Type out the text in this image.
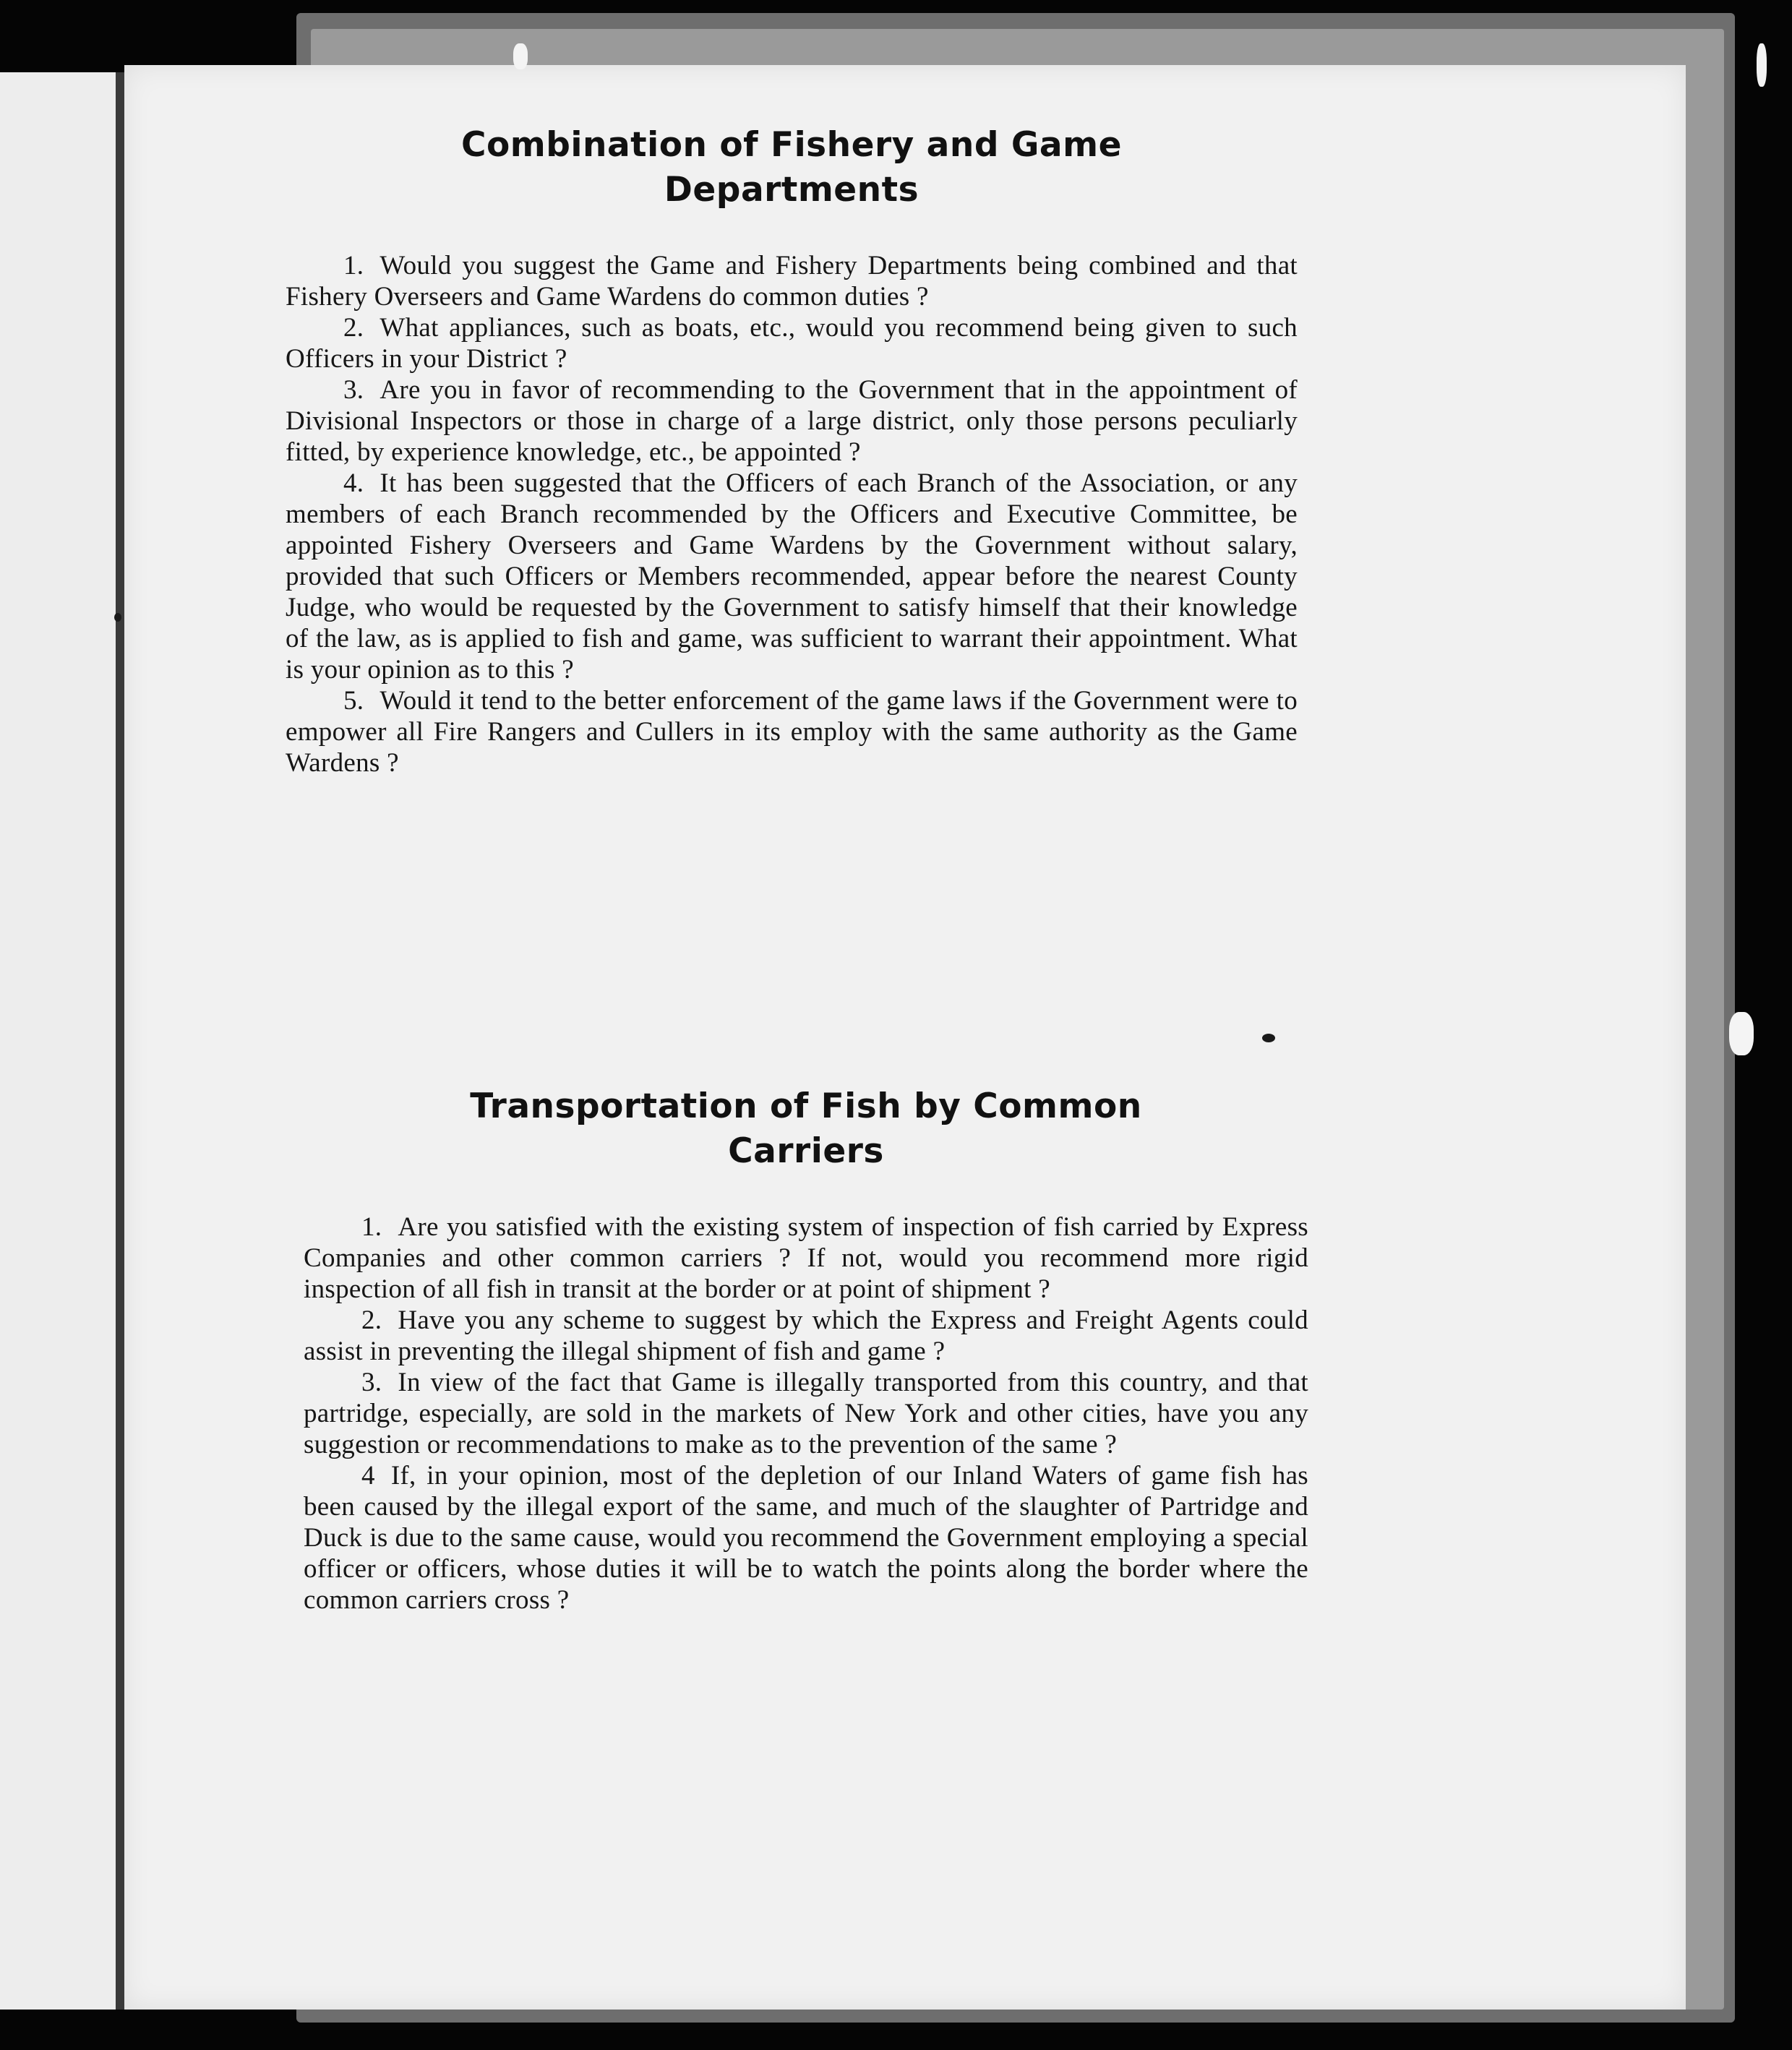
Combination of Fishery and Game
Departments

1. Would you suggest the Game and Fishery Departments being combined and that Fishery Overseers and Game Wardens do common duties ?

2. What appliances, such as boats, etc., would you recommend being given to such Officers in your District ?

3. Are you in favor of recommending to the Government that in the appointment of Divisional Inspectors or those in charge of a large district, only those persons peculiarly fitted, by experience knowledge, etc., be appointed ?

4. It has been suggested that the Officers of each Branch of the Association, or any members of each Branch recommended by the Officers and Executive Committee, be appointed Fishery Overseers and Game Wardens by the Government without salary, provided that such Officers or Members recommended, appear before the nearest County Judge, who would be requested by the Government to satisfy himself that their knowledge of the law, as is applied to fish and game, was sufficient to warrant their appointment. What is your opinion as to this ?

5. Would it tend to the better enforcement of the game laws if the Government were to empower all Fire Rangers and Cullers in its employ with the same authority as the Game Wardens ?

Transportation of Fish by Common
Carriers

1. Are you satisfied with the existing system of inspection of fish carried by Express Companies and other common carriers ? If not, would you recommend more rigid inspection of all fish in transit at the border or at point of shipment ?

2. Have you any scheme to suggest by which the Express and Freight Agents could assist in preventing the illegal shipment of fish and game ?

3. In view of the fact that Game is illegally transported from this country, and that partridge, especially, are sold in the markets of New York and other cities, have you any suggestion or recommendations to make as to the prevention of the same ?

4 If, in your opinion, most of the depletion of our Inland Waters of game fish has been caused by the illegal export of the same, and much of the slaughter of Partridge and Duck is due to the same cause, would you recommend the Government employing a special officer or officers, whose duties it will be to watch the points along the border where the common carriers cross ?
